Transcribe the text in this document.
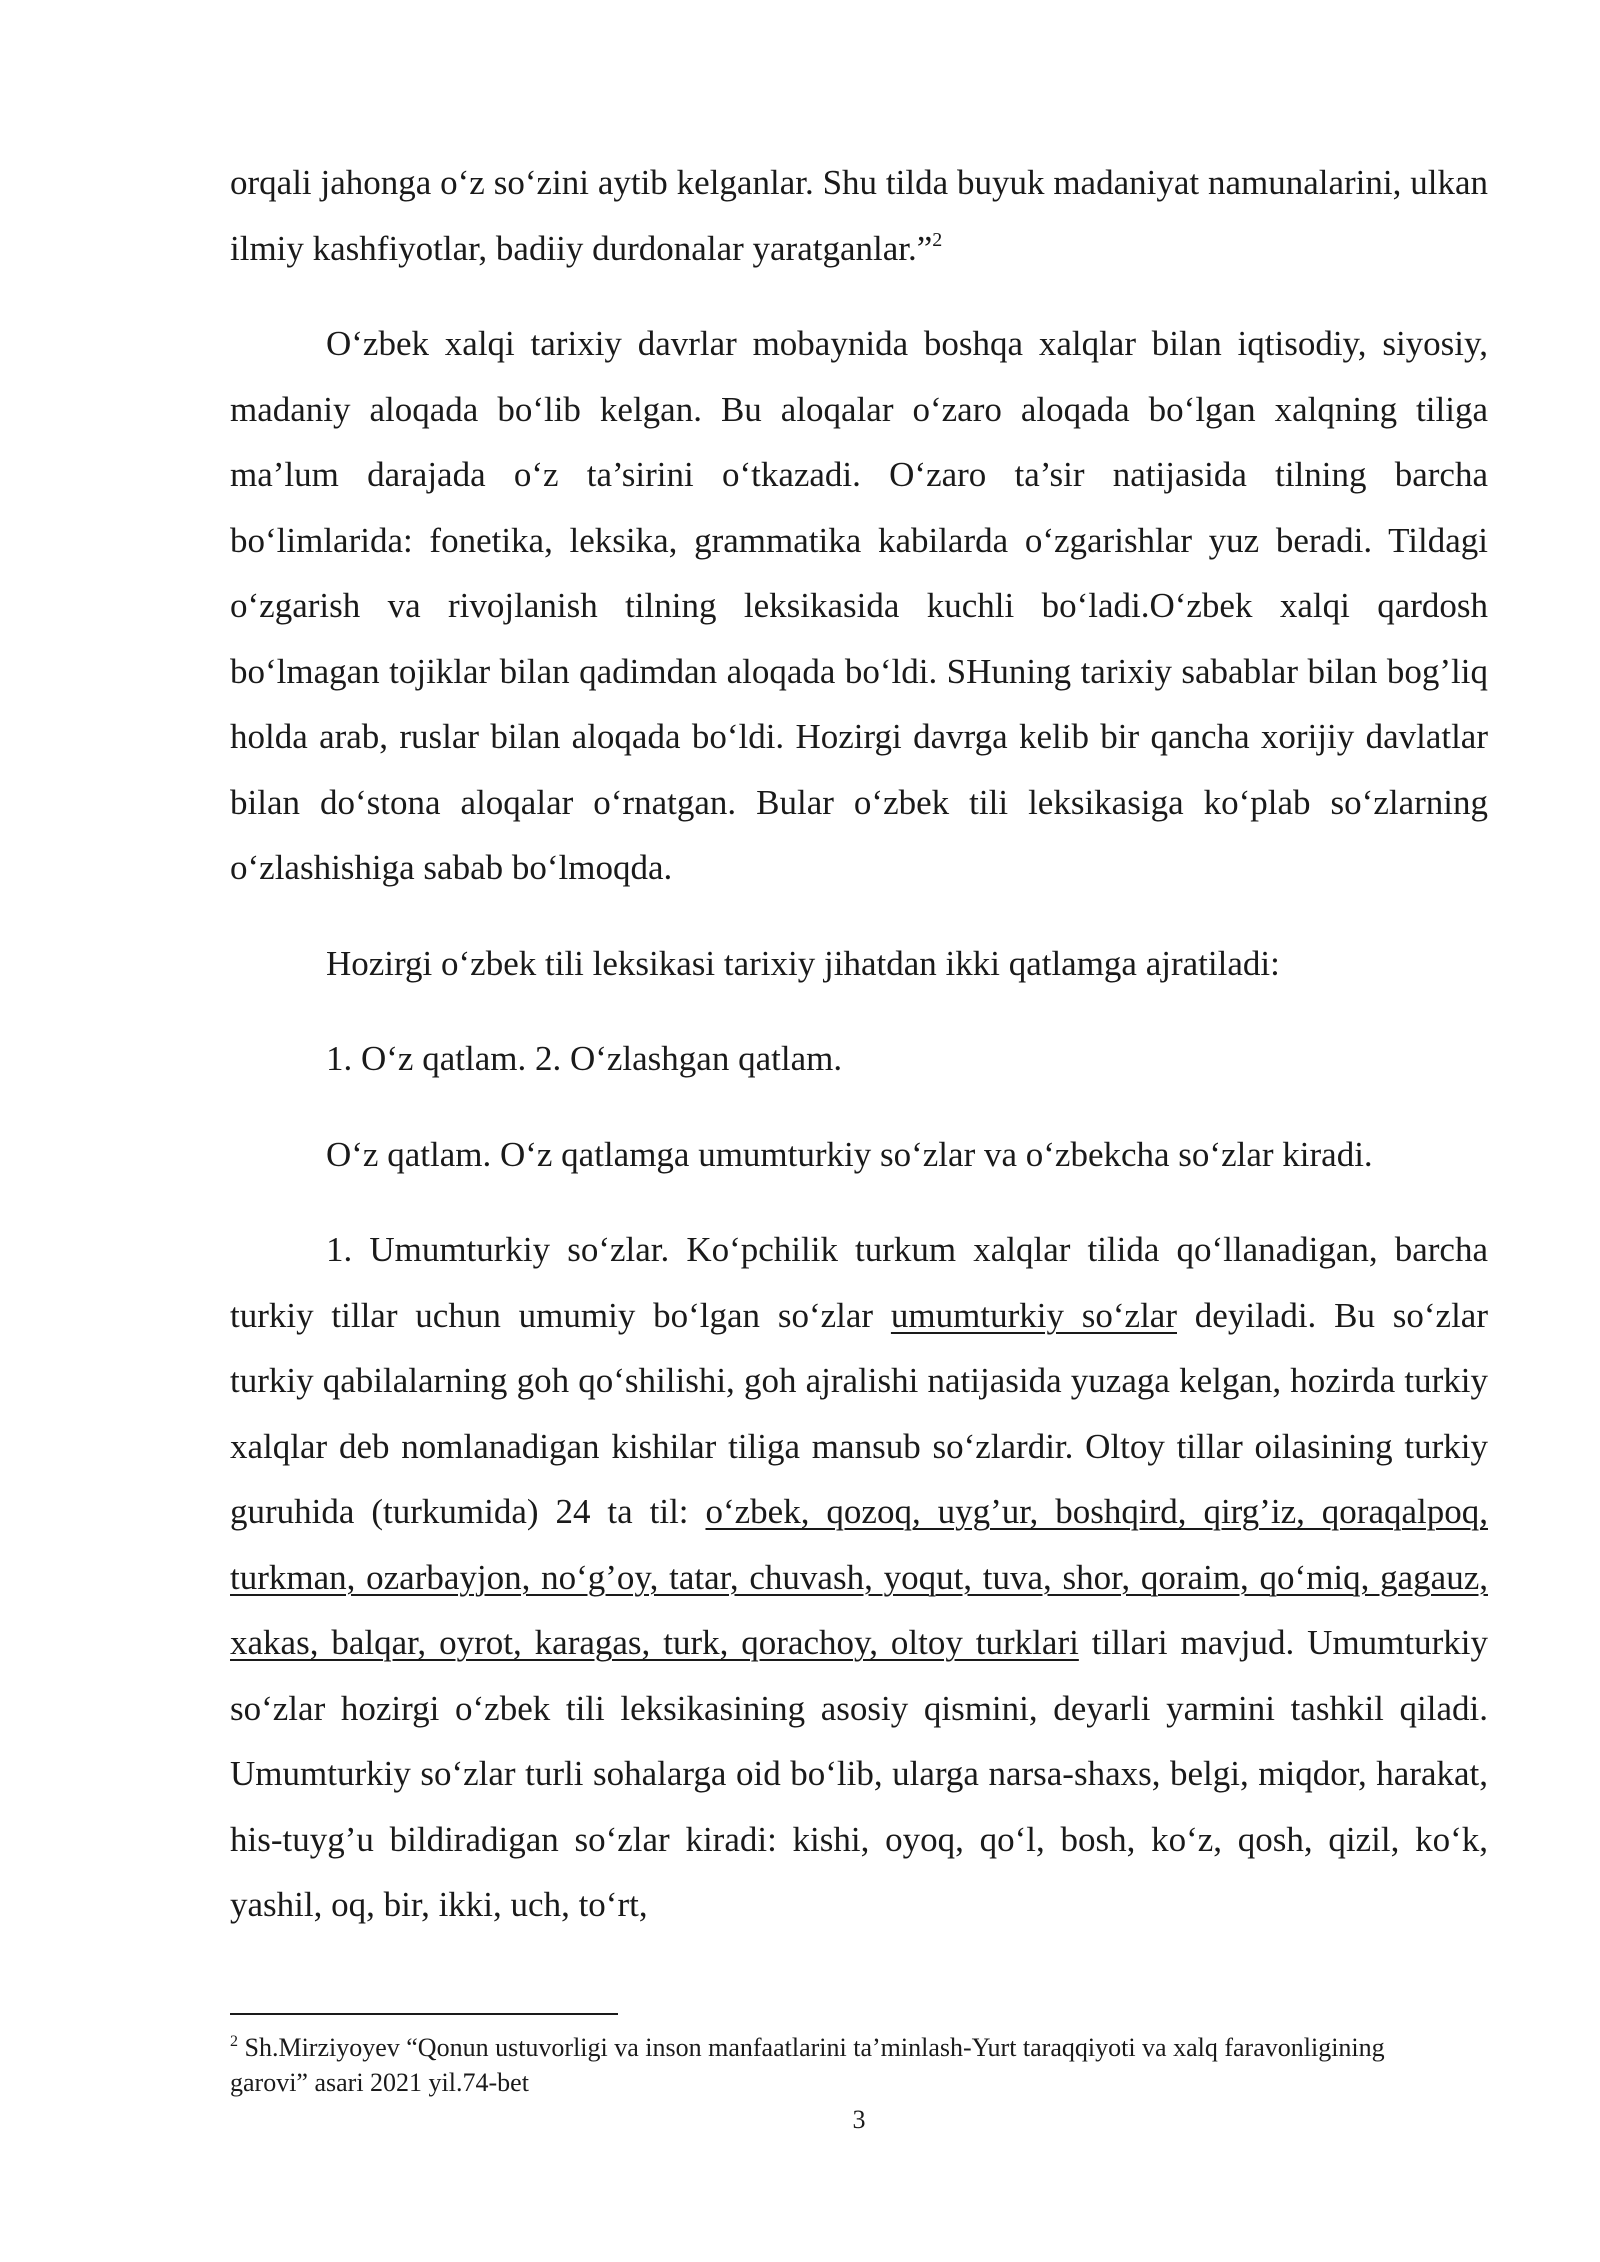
orqali jahonga o‘z so‘zini aytib kelganlar. Shu tilda buyuk madaniyat namunalarini, ulkan ilmiy kashfiyotlar, badiiy durdonalar yaratganlar.”$^2$

O‘zbek xalqi tarixiy davrlar mobaynida boshqa xalqlar bilan iqtisodiy, siyosiy, madaniy aloqada bo‘lib kelgan. Bu aloqalar o‘zaro aloqada bo‘lgan xalqning tiliga ma’lum darajada o‘z ta’sirini o‘tkazadi. O‘zaro ta’sir natijasida tilning barcha bo‘limlarida: fonetika, leksika, grammatika kabilarda o‘zgarishlar yuz beradi. Tildagi o‘zgarish va rivojlanish tilning leksikasida kuchli bo‘ladi.O‘zbek xalqi qardosh bo‘lmagan tojiklar bilan qadimdan aloqada bo‘ldi. SHuning tarixiy sabablar bilan bog’liq holda arab, ruslar bilan aloqada bo‘ldi. Hozirgi davrga kelib bir qancha xorijiy davlatlar bilan do‘stona aloqalar o‘rnatgan. Bular o‘zbek tili leksikasiga ko‘plab so‘zlarning o‘zlashishiga sabab bo‘lmoqda.

Hozirgi o‘zbek tili leksikasi tarixiy jihatdan ikki qatlamga ajratiladi:

1. O‘z qatlam. 2. O‘zlashgan qatlam.

O‘z qatlam. O‘z qatlamga umumturkiy so‘zlar va o‘zbekcha so‘zlar kiradi.

1. Umumturkiy so‘zlar. Ko‘pchilik turkum xalqlar tilida qo‘llanadigan, barcha turkiy tillar uchun umumiy bo‘lgan so‘zlar umumturkiy so‘zlar deyiladi. Bu so‘zlar turkiy qabilalarning goh qo‘shilishi, goh ajralishi natijasida yuzaga kelgan, hozirda turkiy xalqlar deb nomlanadigan kishilar tiliga mansub so‘zlardir. Oltoy tillar oilasining turkiy guruhida (turkumida) 24 ta til: o‘zbek, qozoq, uyg’ur, boshqird, qirg’iz, qoraqalpoq, turkman, ozarbayjon, no‘g’oy, tatar, chuvash, yoqut, tuva, shor, qoraim, qo‘miq, gagauz, xakas, balqar, oyrot, karagas, turk, qorachoy, oltoy turklari tillari mavjud. Umumturkiy so‘zlar hozirgi o‘zbek tili leksikasining asosiy qismini, deyarli yarmini tashkil qiladi. Umumturkiy so‘zlar turli sohalarga oid bo‘lib, ularga narsa-shaxs, belgi, miqdor, harakat, his-tuyg’u bildiradigan so‘zlar kiradi: kishi, oyoq, qo‘l, bosh, ko‘z, qosh, qizil, ko‘k, yashil, oq, bir, ikki, uch, to‘rt,

$^2$ Sh.Mirziyoyev “Qonun ustuvorligi va inson manfaatlarini ta’minlash-Yurt taraqqiyoti va xalq faravonligining garovi” asari 2021 yil.74-bet

3
